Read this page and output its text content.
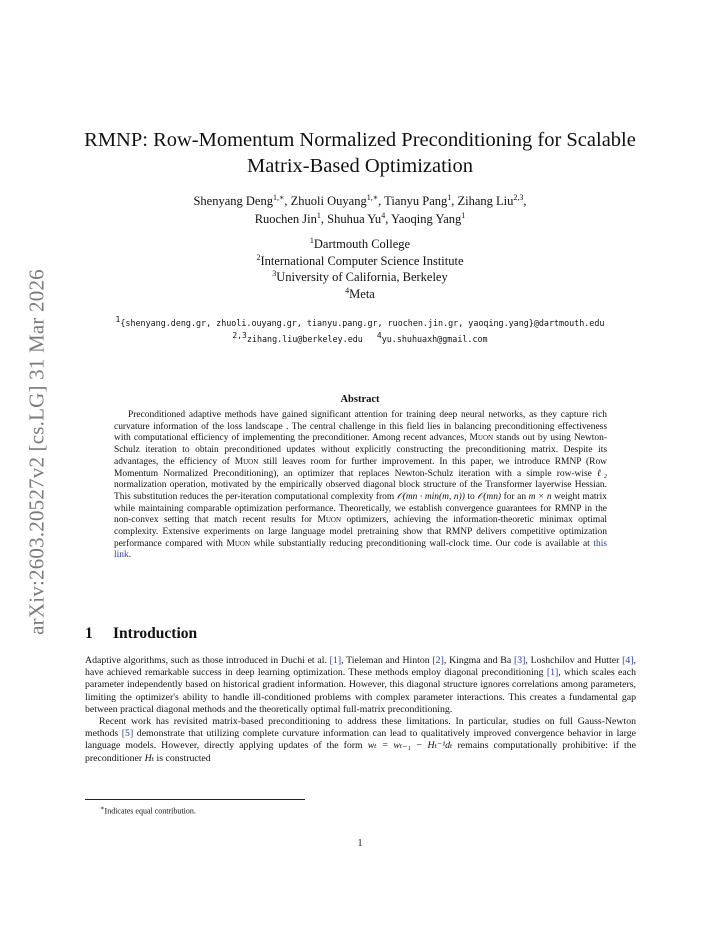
arXiv:2603.20527v2 [cs.LG] 31 Mar 2026
RMNP: Row-Momentum Normalized Preconditioning for Scalable
Matrix-Based Optimization
Shenyang Deng$^{1,∗}$, Zhuoli Ouyang$^{1,∗}$, Tianyu Pang$^1$, Zihang Liu$^{2,3}$,
Ruochen Jin$^1$, Shuhua Yu$^4$, Yaoqing Yang$^1$
$^1$Dartmouth College
$^2$International Computer Science Institute
$^3$University of California, Berkeley
$^4$Meta
$^1${shenyang.deng.gr, zhuoli.ouyang.gr, tianyu.pang.gr, ruochen.jin.gr, yaoqing.yang}@dartmouth.edu
$^{2,3}$zihang.liu@berkeley.edu $^4$yu.shuhuaxh@gmail.com
Abstract
Preconditioned adaptive methods have gained significant attention for training deep neural networks, as they capture rich curvature information of the loss landscape . The central challenge in this field lies in balancing preconditioning effectiveness with computational efficiency of implementing the preconditioner. Among recent advances, Muon stands out by using Newton-Schulz iteration to obtain preconditioned updates without explicitly constructing the preconditioning matrix. Despite its advantages, the efficiency of Muon still leaves room for further improvement. In this paper, we introduce RMNP (Row Momentum Normalized Preconditioning), an optimizer that replaces Newton-Schulz iteration with a simple row-wise ℓ₂ normalization operation, motivated by the empirically observed diagonal block structure of the Transformer layerwise Hessian. This substitution reduces the per-iteration computational complexity from 𝒪(mn · min(m, n)) to 𝒪(mn) for an m × n weight matrix while maintaining comparable optimization performance. Theoretically, we establish convergence guarantees for RMNP in the non-convex setting that match recent results for Muon optimizers, achieving the information-theoretic minimax optimal complexity. Extensive experiments on large language model pretraining show that RMNP delivers competitive optimization performance compared with Muon while substantially reducing preconditioning wall-clock time. Our code is available at this link.
1 Introduction

Adaptive algorithms, such as those introduced in Duchi et al. [1], Tieleman and Hinton [2], Kingma and Ba [3], Loshchilov and Hutter [4], have achieved remarkable success in deep learning optimization. These methods employ diagonal preconditioning [1], which scales each parameter independently based on historical gradient information. However, this diagonal structure ignores correlations among parameters, limiting the optimizer's ability to handle ill-conditioned problems with complex parameter interactions. This creates a fundamental gap between practical diagonal methods and the theoretically optimal full-matrix preconditioning.

Recent work has revisited matrix-based preconditioning to address these limitations. In particular, studies on full Gauss-Newton methods [5] demonstrate that utilizing complete curvature information can lead to qualitatively improved convergence behavior in large language models. However, directly applying updates of the form wₜ = wₜ₋₁ − Hₜ⁻¹dₜ remains computationally prohibitive: if the preconditioner Hₜ is constructed

∗Indicates equal contribution.
1
